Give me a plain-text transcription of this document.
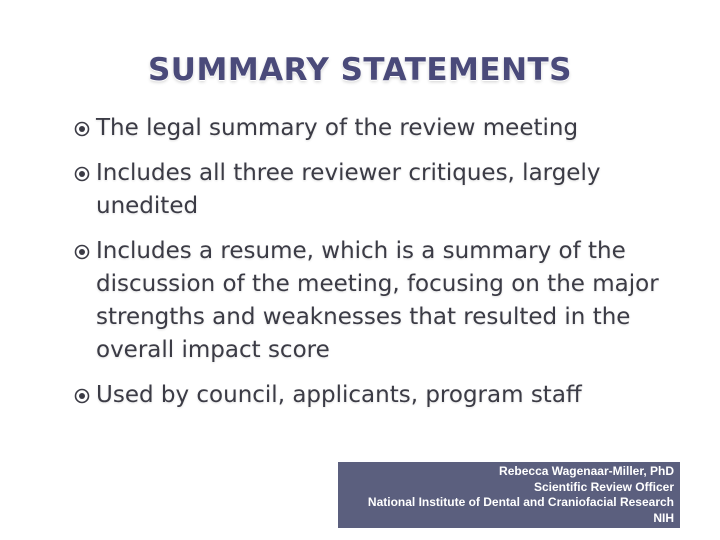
SUMMARY STATEMENTS
The legal summary of the review meeting
Includes all three reviewer critiques, largely unedited
Includes a resume, which is a summary of the discussion of the meeting, focusing on the major strengths and weaknesses that resulted in the overall impact score
Used by council, applicants, program staff
Rebecca Wagenaar-Miller, PhD
Scientific Review Officer
National Institute of Dental and Craniofacial Research
NIH
